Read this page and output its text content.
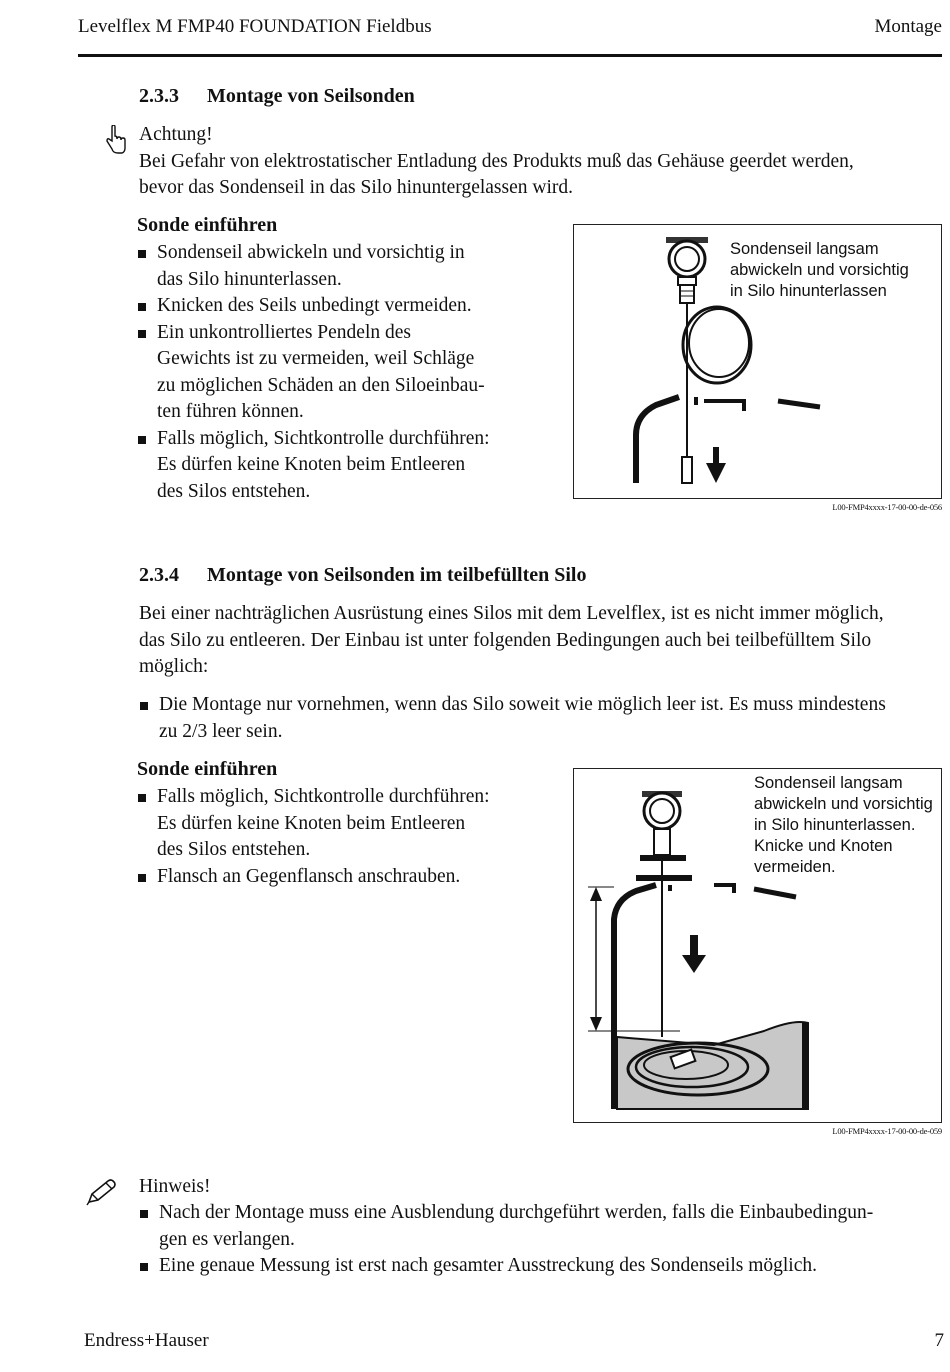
Levelflex M FMP40 FOUNDATION Fieldbus	Montage
2.3.3 Montage von Seilsonden
Achtung!
Bei Gefahr von elektrostatischer Entladung des Produkts muß das Gehäuse geerdet werden,
bevor das Sondenseil in das Silo hinuntergelassen wird.
Sonde einführen
Sondenseil abwickeln und vorsichtig in
das Silo hinunterlassen.
Knicken des Seils unbedingt vermeiden.
Ein unkontrolliertes Pendeln des
Gewichts ist zu vermeiden, weil Schläge
zu möglichen Schäden an den Siloeinbau-
ten führen können.
Falls möglich, Sichtkontrolle durchführen:
Es dürfen keine Knoten beim Entleeren
des Silos entstehen.
Sondenseil langsam
abwickeln und vorsichtig
in Silo hinunterlassen
L00-FMP4xxxx-17-00-00-de-056
2.3.4 Montage von Seilsonden im teilbefüllten Silo
Bei einer nachträglichen Ausrüstung eines Silos mit dem Levelflex, ist es nicht immer möglich,
das Silo zu entleeren. Der Einbau ist unter folgenden Bedingungen auch bei teilbefülltem Silo
möglich:
Die Montage nur vornehmen, wenn das Silo soweit wie möglich leer ist. Es muss mindestens
zu 2/3 leer sein.
Sonde einführen
Falls möglich, Sichtkontrolle durchführen:
Es dürfen keine Knoten beim Entleeren
des Silos entstehen.
Flansch an Gegenflansch anschrauben.
Sondenseil langsam
abwickeln und vorsichtig
in Silo hinunterlassen.
Knicke und Knoten
vermeiden.
L00-FMP4xxxx-17-00-00-de-059
Hinweis!
Nach der Montage muss eine Ausblendung durchgeführt werden, falls die Einbaubedingun-
gen es verlangen.
Eine genaue Messung ist erst nach gesamter Ausstreckung des Sondenseils möglich.
Endress+Hauser	7
